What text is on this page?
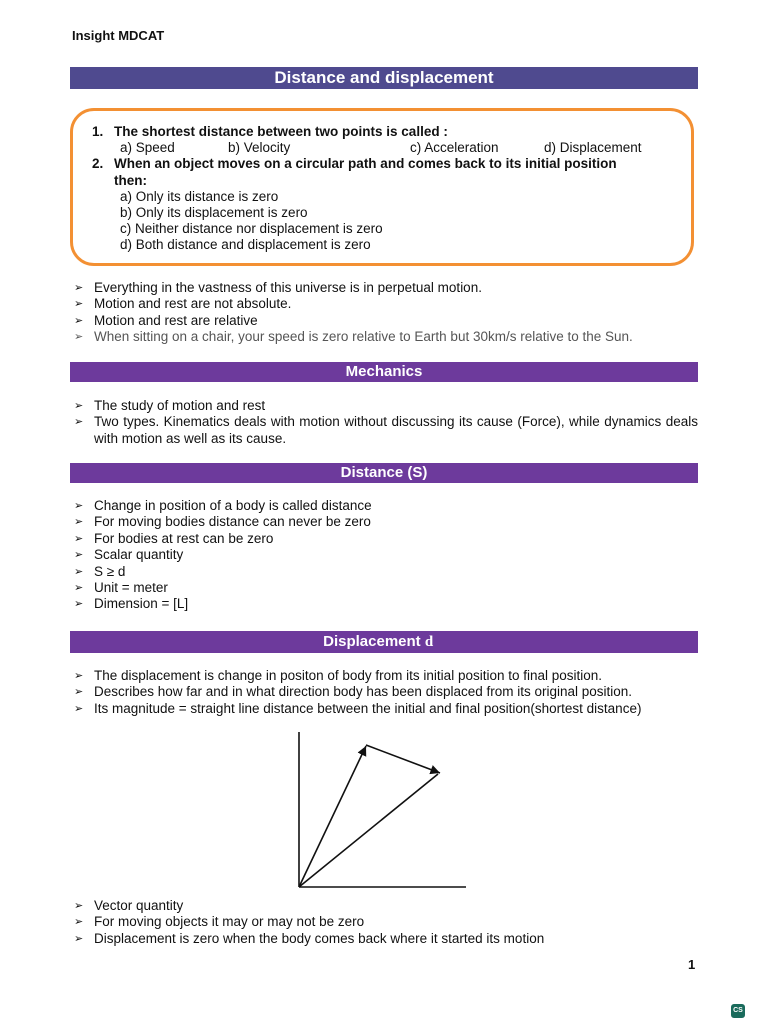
Insight MDCAT
Distance and displacement
1. The shortest distance between two points is called :
a) Speed	b) Velocity	c) Acceleration	d) Displacement
2. When an object moves on a circular path and comes back to its initial position
then:
a) Only its distance is zero
b) Only its displacement is zero
c) Neither distance nor displacement is zero
d) Both distance and displacement is zero
➢ Everything in the vastness of this universe is in perpetual motion.
➢ Motion and rest are not absolute.
➢ Motion and rest are relative
➢ When sitting on a chair, your speed is zero relative to Earth but 30km/s relative to the Sun.
Mechanics
➢ The study of motion and rest
➢ Two types. Kinematics deals with motion without discussing its cause (Force), while dynamics deals with motion as well as its cause.
Distance (S)
➢ Change in position of a body is called distance
➢ For moving bodies distance can never be zero
➢ For bodies at rest can be zero
➢ Scalar quantity
➢ S ≥ d
➢ Unit = meter
➢ Dimension = [L]
Displacement d⃗
➢ The displacement is change in positon of body from its initial position to final position.
➢ Describes how far and in what direction body has been displaced from its original position.
➢ Its magnitude = straight line distance between the initial and final position(shortest distance)
➢ Vector quantity
➢ For moving objects it may or may not be zero
➢ Displacement is zero when the body comes back where it started its motion
1
CS
